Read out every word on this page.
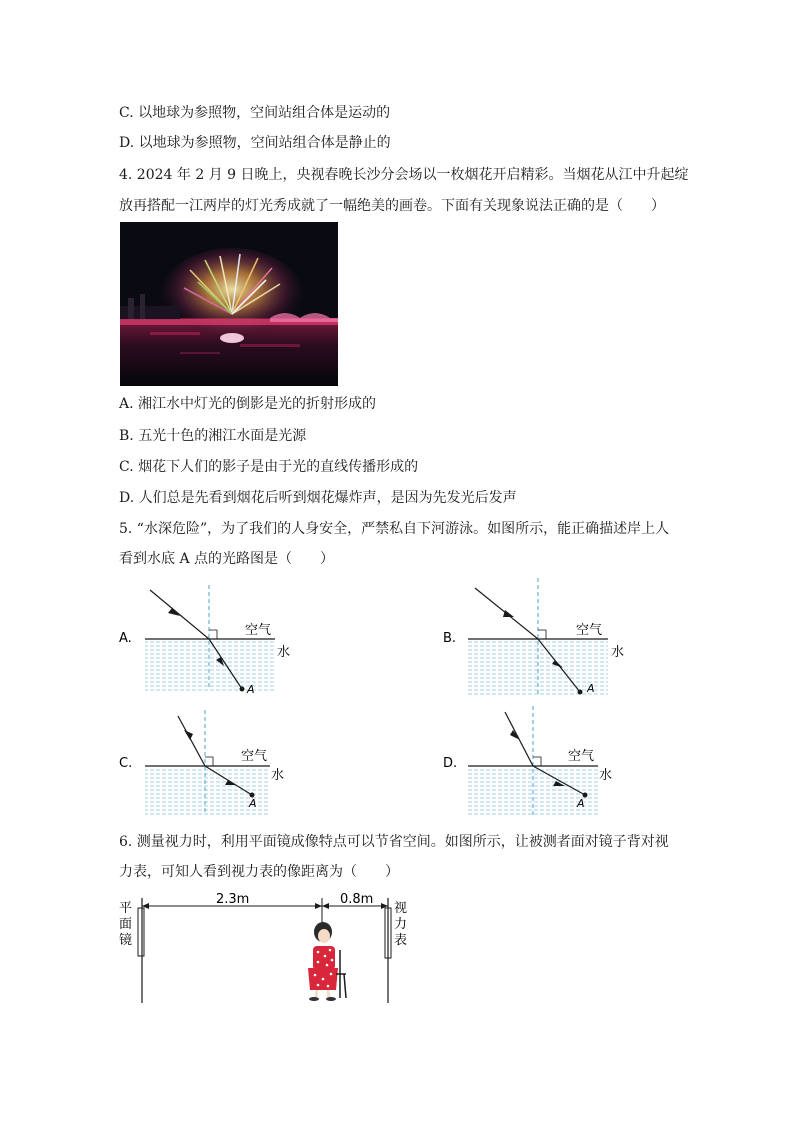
C. 以地球为参照物，空间站组合体是运动的
D. 以地球为参照物，空间站组合体是静止的
4. 2024 年 2 月 9 日晚上，央视春晚长沙分会场以一枚烟花开启精彩。当烟花从江中升起绽
放再搭配一江两岸的灯光秀成就了一幅绝美的画卷。下面有关现象说法正确的是（　　）
A. 湘江水中灯光的倒影是光的折射形成的
B. 五光十色的湘江水面是光源
C. 烟花下人们的影子是由于光的直线传播形成的
D. 人们总是先看到烟花后听到烟花爆炸声，是因为先发光后发声
5. “水深危险”，为了我们的人身安全，严禁私自下河游泳。如图所示，能正确描述岸上人
看到水底 A 点的光路图是（　　）
A
空气
水
A.
A
空气
水
B.
A
空气
水
C.
A
空气
水
D.
6. 测量视力时，利用平面镜成像特点可以节省空间。如图所示，让被测者面对镜子背对视
力表，可知人看到视力表的像距离为（　　）
平 面 镜
视 力 表
2.3m	0.8m
